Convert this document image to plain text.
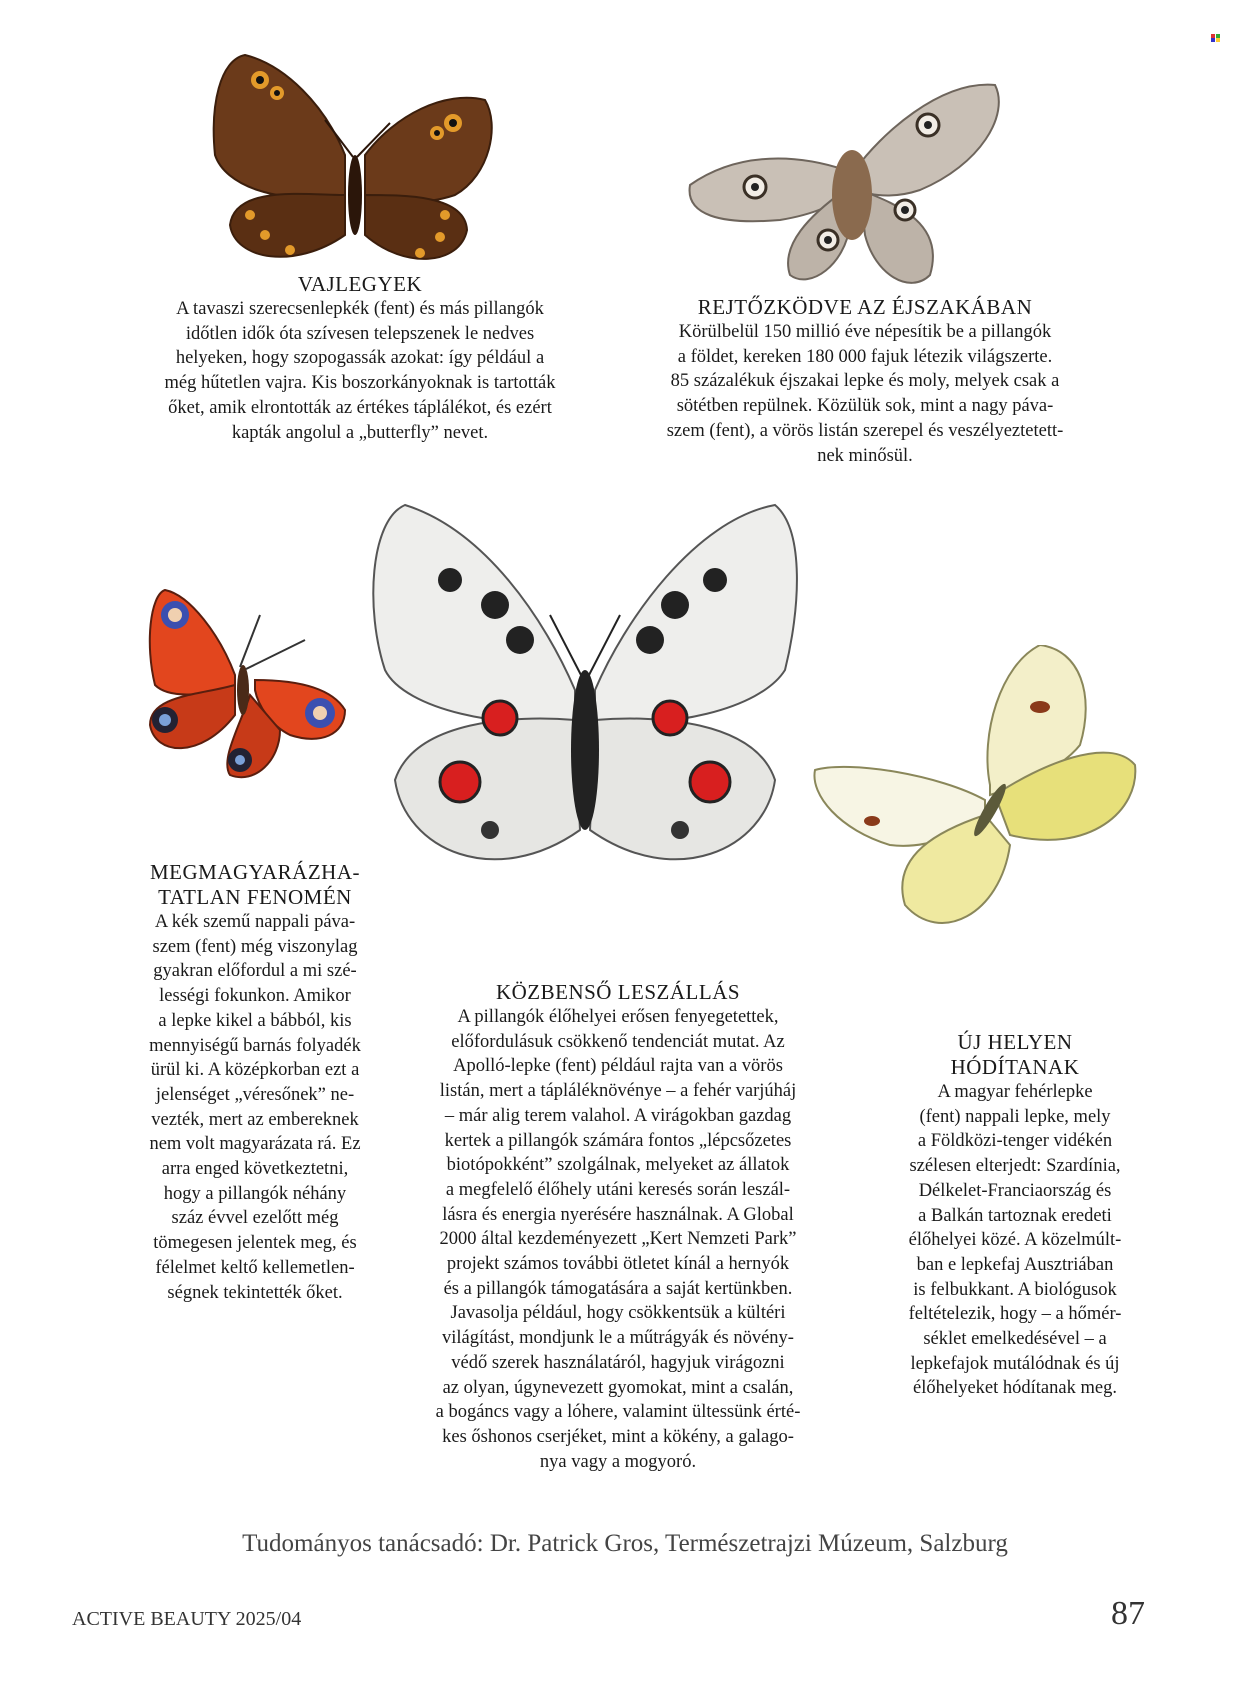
VAJLEGYEK

A tavaszi szerecsenlepkék (fent) és más pillangók
időtlen idők óta szívesen telepszenek le nedves
helyeken, hogy szopogassák azokat: így például a
még hűtetlen vajra. Kis boszorkányoknak is tartották
őket, amik elrontották az értékes táplálékot, és ezért
kapták angolul a „butterfly” nevet.

REJTŐZKÖDVE AZ ÉJSZAKÁBAN

Körülbelül 150 millió éve népesítik be a pillangók
a földet, kereken 180 000 fajuk létezik világszerte.
85 százalékuk éjszakai lepke és moly, melyek csak a
sötétben repülnek. Közülük sok, mint a nagy páva-
szem (fent), a vörös listán szerepel és veszélyeztetett-
nek minősül.

MEGMAGYARÁZHA-
TATLAN FENOMÉN

A kék szemű nappali páva-
szem (fent) még viszonylag
gyakran előfordul a mi szé-
lességi fokunkon. Amikor
a lepke kikel a bábból, kis
mennyiségű barnás folyadék
ürül ki. A középkorban ezt a
jelenséget „véresőnek” ne-
vezték, mert az embereknek
nem volt magyarázata rá. Ez
arra enged következtetni,
hogy a pillangók néhány
száz évvel ezelőtt még
tömegesen jelentek meg, és
félelmet keltő kellemetlen-
ségnek tekintették őket.

KÖZBENSŐ LESZÁLLÁS

A pillangók élőhelyei erősen fenyegetettek,
előfordulásuk csökkenő tendenciát mutat. Az
Apolló-lepke (fent) például rajta van a vörös
listán, mert a tápláléknövénye – a fehér varjúháj
– már alig terem valahol. A virágokban gazdag
kertek a pillangók számára fontos „lépcsőzetes
biotópokként” szolgálnak, melyeket az állatok
a megfelelő élőhely utáni keresés során leszál-
lásra és energia nyerésére használnak. A Global
2000 által kezdeményezett „Kert Nemzeti Park”
projekt számos további ötletet kínál a hernyók
és a pillangók támogatására a saját kertünkben.
Javasolja például, hogy csökkentsük a kültéri
világítást, mondjunk le a műtrágyák és növény-
védő szerek használatáról, hagyjuk virágozni
az olyan, úgynevezett gyomokat, mint a csalán,
a bogáncs vagy a lóhere, valamint ültessünk érté-
kes őshonos cserjéket, mint a kökény, a galago-
nya vagy a mogyoró.

ÚJ HELYEN
HÓDÍTANAK

A magyar fehérlepke
(fent) nappali lepke, mely
a Földközi-tenger vidékén
szélesen elterjedt: Szardínia,
Délkelet-Franciaország és
a Balkán tartoznak eredeti
élőhelyei közé. A közelmúlt-
ban e lepkefaj Ausztriában
is felbukkant. A biológusok
feltételezik, hogy – a hőmér-
séklet emelkedésével – a
lepkefajok mutálódnak és új
élőhelyeket hódítanak meg.

Tudományos tanácsadó: Dr. Patrick Gros, Természetrajzi Múzeum, Salzburg
ACTIVE BEAUTY 2025/04	87
